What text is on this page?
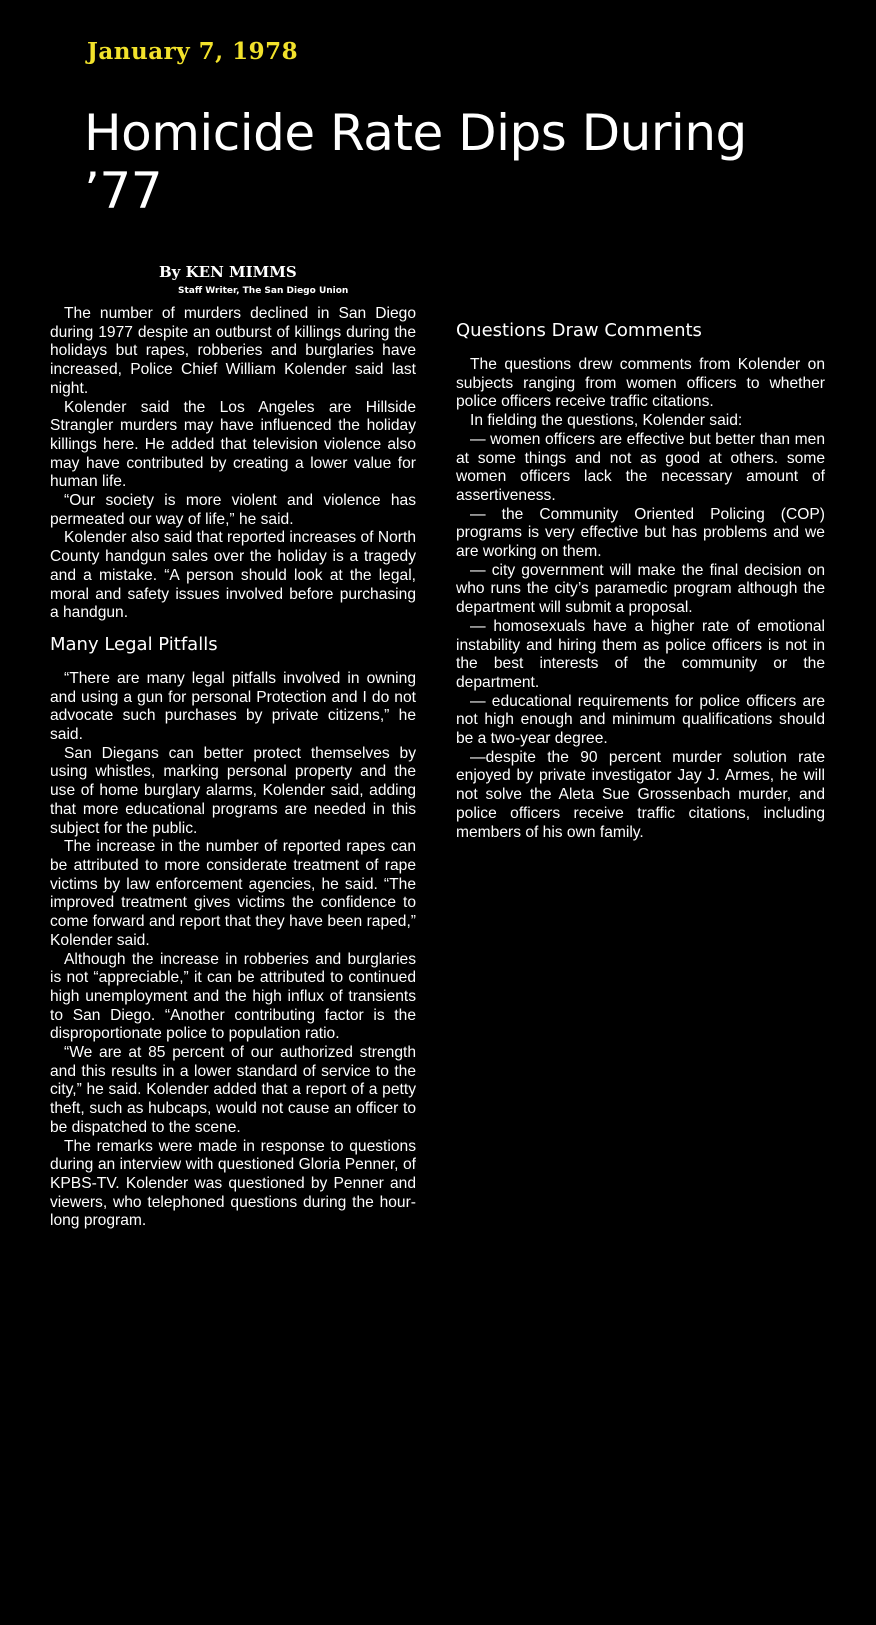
January 7, 1978
Homicide Rate Dips During ’77
By KEN MIMMS
Staff Writer, The San Diego Union

The number of murders declined in San Diego during 1977 despite an outburst of killings during the holidays but rapes, robberies and burglaries have increased, Police Chief William Kolender said last night.

Kolender said the Los Angeles are Hillside Strangler murders may have influenced the holiday killings here. He added that television violence also may have contributed by creating a lower value for human life.

“Our society is more violent and violence has permeated our way of life,” he said.

Kolender also said that reported increases of North County handgun sales over the holiday is a tragedy and a mistake. “A person should look at the legal, moral and safety issues involved before purchasing a handgun.

Many Legal Pitfalls

“There are many legal pitfalls involved in owning and using a gun for personal Protection and I do not advocate such purchases by private citizens,” he said.

San Diegans can better protect themselves by using whistles, marking personal property and the use of home burglary alarms, Kolender said, adding that more educational programs are needed in this subject for the public.

The increase in the number of reported rapes can be attributed to more considerate treatment of rape victims by law enforcement agencies, he said. “The improved treatment gives victims the confidence to come forward and report that they have been raped,” Kolender said.

Although the increase in robberies and burglaries is not “appreciable,” it can be attributed to continued high unemployment and the high influx of transients to San Diego. “Another contributing factor is the disproportionate police to population ratio.

“We are at 85 percent of our authorized strength and this results in a lower standard of service to the city,” he said. Kolender added that a report of a petty theft, such as hubcaps, would not cause an officer to be dispatched to the scene.

The remarks were made in response to questions during an interview with questioned Gloria Penner, of KPBS-TV. Kolender was questioned by Penner and viewers, who telephoned questions during the hour-long program.

Questions Draw Comments

The questions drew comments from Kolender on subjects ranging from women officers to whether police officers receive traffic citations.

In fielding the questions, Kolender said:

— women officers are effective but better than men at some things and not as good at others. some women officers lack the necessary amount of assertiveness.

— the Community Oriented Policing (COP) programs is very effective but has problems and we are working on them.

— city government will make the final decision on who runs the city’s paramedic program although the department will submit a proposal.

— homosexuals have a higher rate of emotional instability and hiring them as police officers is not in the best interests of the community or the department.

— educational requirements for police officers are not high enough and minimum qualifications should be a two-year degree.

—despite the 90 percent murder solution rate enjoyed by private investigator Jay J. Armes, he will not solve the Aleta Sue Grossenbach murder, and police officers receive traffic citations, including members of his own family.
